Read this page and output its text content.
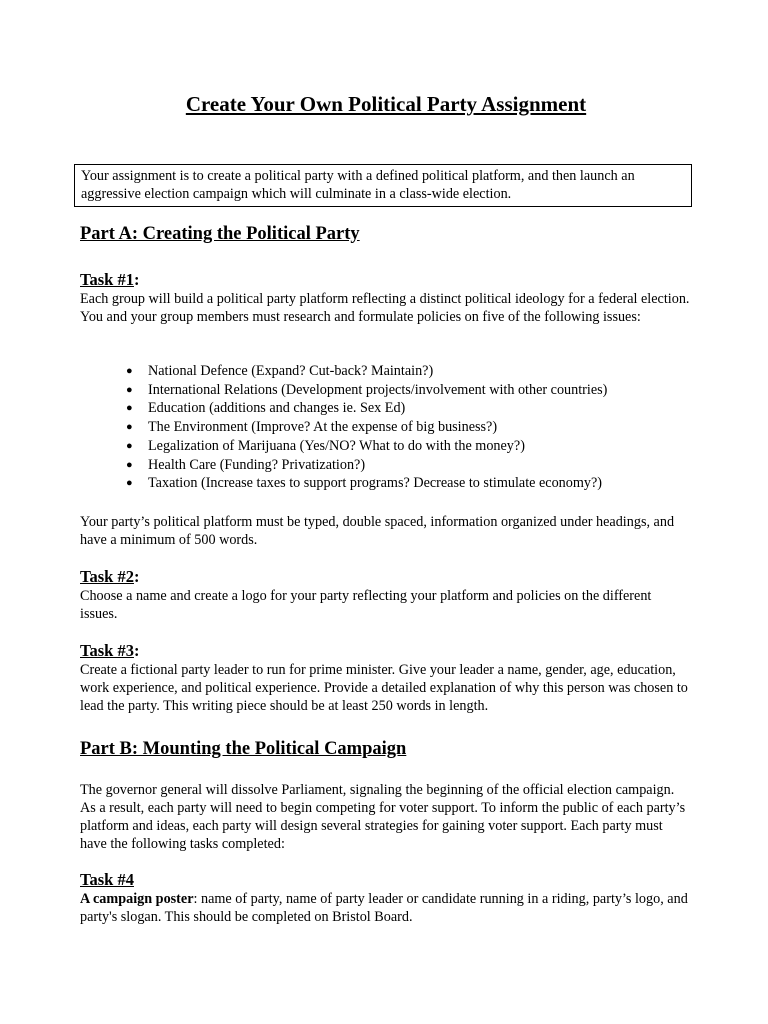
Create Your Own Political Party Assignment
Your assignment is to create a political party with a defined political platform, and then launch an aggressive election campaign which will culminate in a class-wide election.
Part A: Creating the Political Party
Task #1:

Each group will build a political party platform reflecting a distinct political ideology for a federal election. You and your group members must research and formulate policies on five of the following issues:

● National Defence (Expand? Cut-back? Maintain?)
● International Relations (Development projects/involvement with other countries)
● Education (additions and changes ie. Sex Ed)
● The Environment (Improve? At the expense of big business?)
● Legalization of Marijuana (Yes/NO? What to do with the money?)
● Health Care (Funding? Privatization?)
● Taxation (Increase taxes to support programs? Decrease to stimulate economy?)

Your party’s political platform must be typed, double spaced, information organized under headings, and have a minimum of 500 words.

Task #2:

Choose a name and create a logo for your party reflecting your platform and policies on the different issues.

Task #3:

Create a fictional party leader to run for prime minister. Give your leader a name, gender, age, education, work experience, and political experience. Provide a detailed explanation of why this person was chosen to lead the party. This writing piece should be at least 250 words in length.

Part B: Mounting the Political Campaign

The governor general will dissolve Parliament, signaling the beginning of the official election campaign. As a result, each party will need to begin competing for voter support. To inform the public of each party’s platform and ideas, each party will design several strategies for gaining voter support. Each party must have the following tasks completed:

Task #4

A campaign poster: name of party, name of party leader or candidate running in a riding, party’s logo, and party's slogan. This should be completed on Bristol Board.
